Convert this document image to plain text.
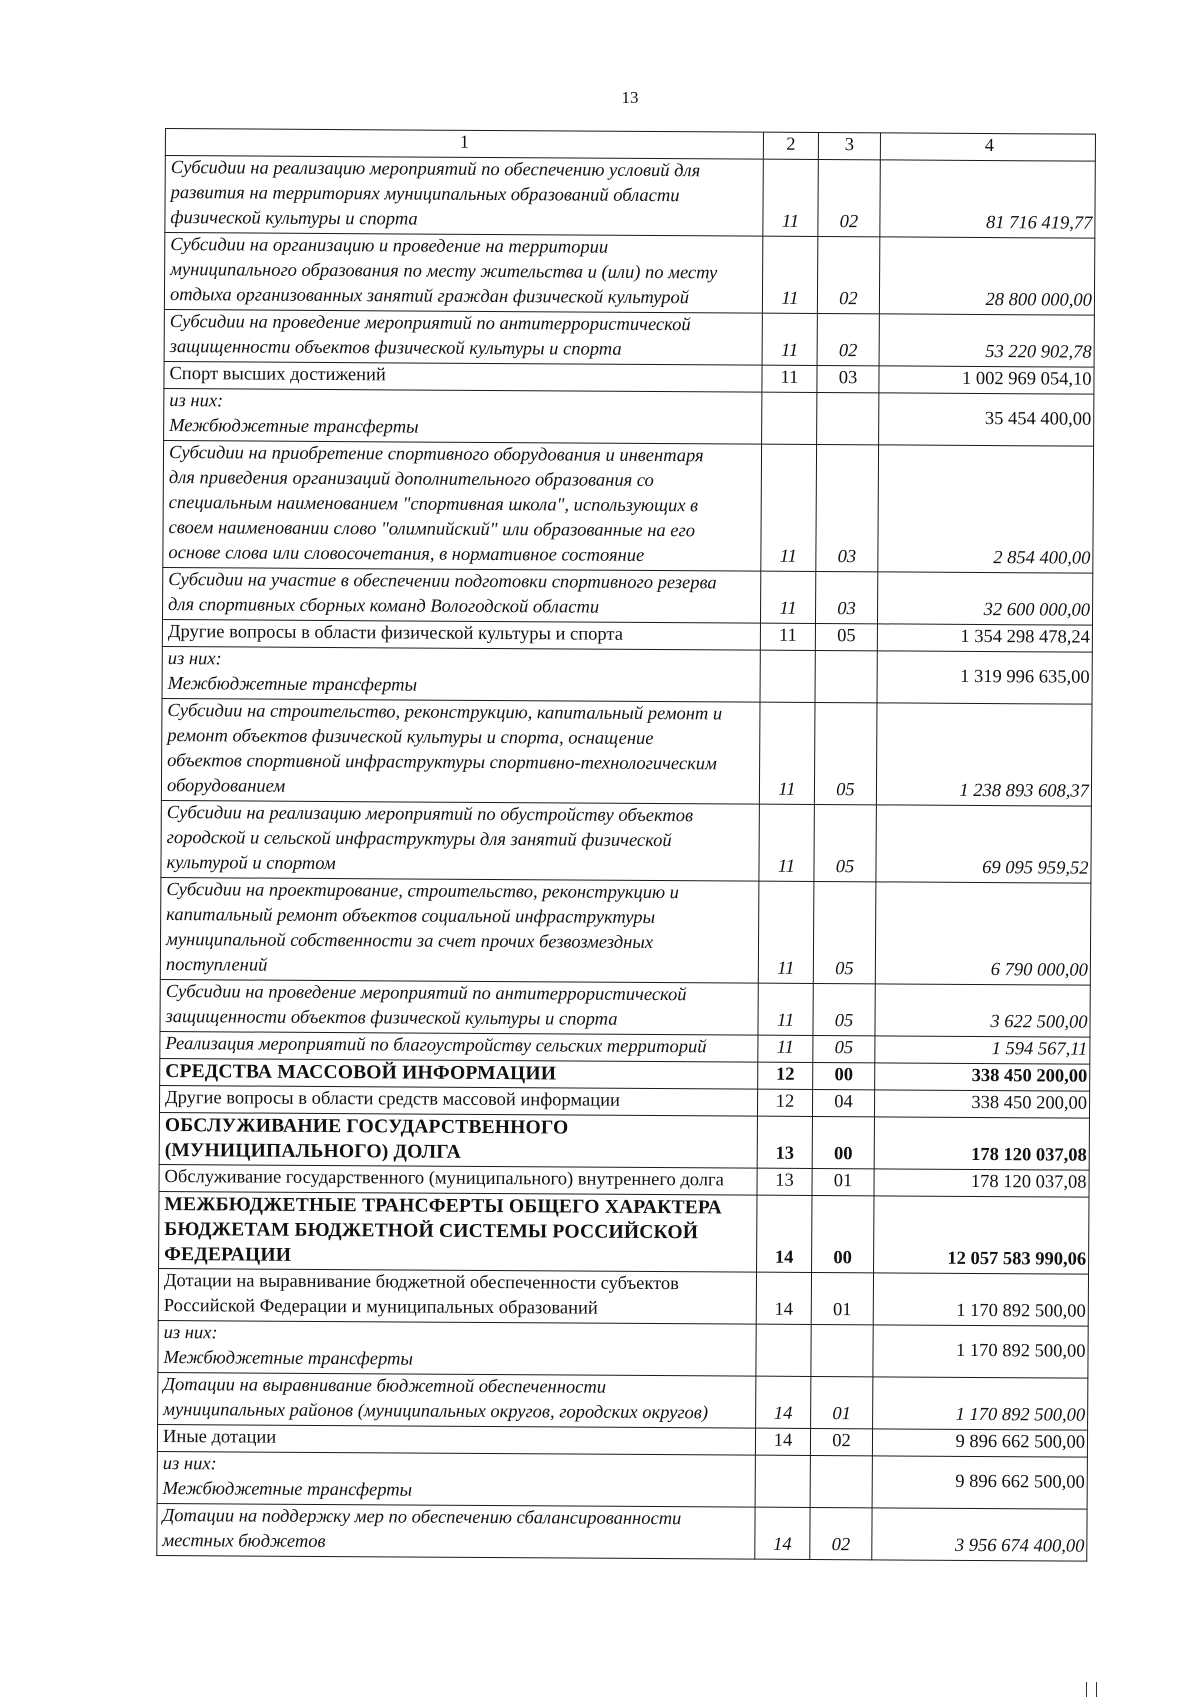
13
1	2	3	4

Субсидии на реализацию мероприятий по обеспечению условий для
развития на территориях муниципальных образований области
физической культуры и спорта	11	02	81 716 419,77

Субсидии на организацию и проведение на территории
муниципального образования по месту жительства и (или) по месту
отдыха организованных занятий граждан физической культурой	11	02	28 800 000,00

Субсидии на проведение мероприятий по антитеррористической
защищенности объектов физической культуры и спорта	11	02	53 220 902,78

Спорт высших достижений	11	03	1 002 969 054,10

из них:
Межбюджетные трансферты			35 454 400,00

Субсидии на приобретение спортивного оборудования и инвентаря
для приведения организаций дополнительного образования со
специальным наименованием "спортивная школа", использующих в
своем наименовании слово "олимпийский" или образованные на его
основе слова или словосочетания, в нормативное состояние	11	03	2 854 400,00

Субсидии на участие в обеспечении подготовки спортивного резерва
для спортивных сборных команд Вологодской области	11	03	32 600 000,00

Другие вопросы в области физической культуры и спорта	11	05	1 354 298 478,24

из них:
Межбюджетные трансферты			1 319 996 635,00

Субсидии на строительство, реконструкцию, капитальный ремонт и
ремонт объектов физической культуры и спорта, оснащение
объектов спортивной инфраструктуры спортивно-технологическим
оборудованием	11	05	1 238 893 608,37

Субсидии на реализацию мероприятий по обустройству объектов
городской и сельской инфраструктуры для занятий физической
культурой и спортом	11	05	69 095 959,52

Субсидии на проектирование, строительство, реконструкцию и
капитальный ремонт объектов социальной инфраструктуры
муниципальной собственности за счет прочих безвозмездных
поступлений	11	05	6 790 000,00

Субсидии на проведение мероприятий по антитеррористической
защищенности объектов физической культуры и спорта	11	05	3 622 500,00

Реализация мероприятий по благоустройству сельских территорий	11	05	1 594 567,11

СРЕДСТВА МАССОВОЙ ИНФОРМАЦИИ	12	00	338 450 200,00

Другие вопросы в области средств массовой информации	12	04	338 450 200,00

ОБСЛУЖИВАНИЕ ГОСУДАРСТВЕННОГО
(МУНИЦИПАЛЬНОГО) ДОЛГА	13	00	178 120 037,08

Обслуживание государственного (муниципального) внутреннего долга	13	01	178 120 037,08

МЕЖБЮДЖЕТНЫЕ ТРАНСФЕРТЫ ОБЩЕГО ХАРАКТЕРА
БЮДЖЕТАМ БЮДЖЕТНОЙ СИСТЕМЫ РОССИЙСКОЙ
ФЕДЕРАЦИИ	14	00	12 057 583 990,06

Дотации на выравнивание бюджетной обеспеченности субъектов
Российской Федерации и муниципальных образований	14	01	1 170 892 500,00

из них:
Межбюджетные трансферты			1 170 892 500,00

Дотации на выравнивание бюджетной обеспеченности
муниципальных районов (муниципальных округов, городских округов)	14	01	1 170 892 500,00

Иные дотации	14	02	9 896 662 500,00

из них:
Межбюджетные трансферты			9 896 662 500,00

Дотации на поддержку мер по обеспечению сбалансированности
местных бюджетов	14	02	3 956 674 400,00
